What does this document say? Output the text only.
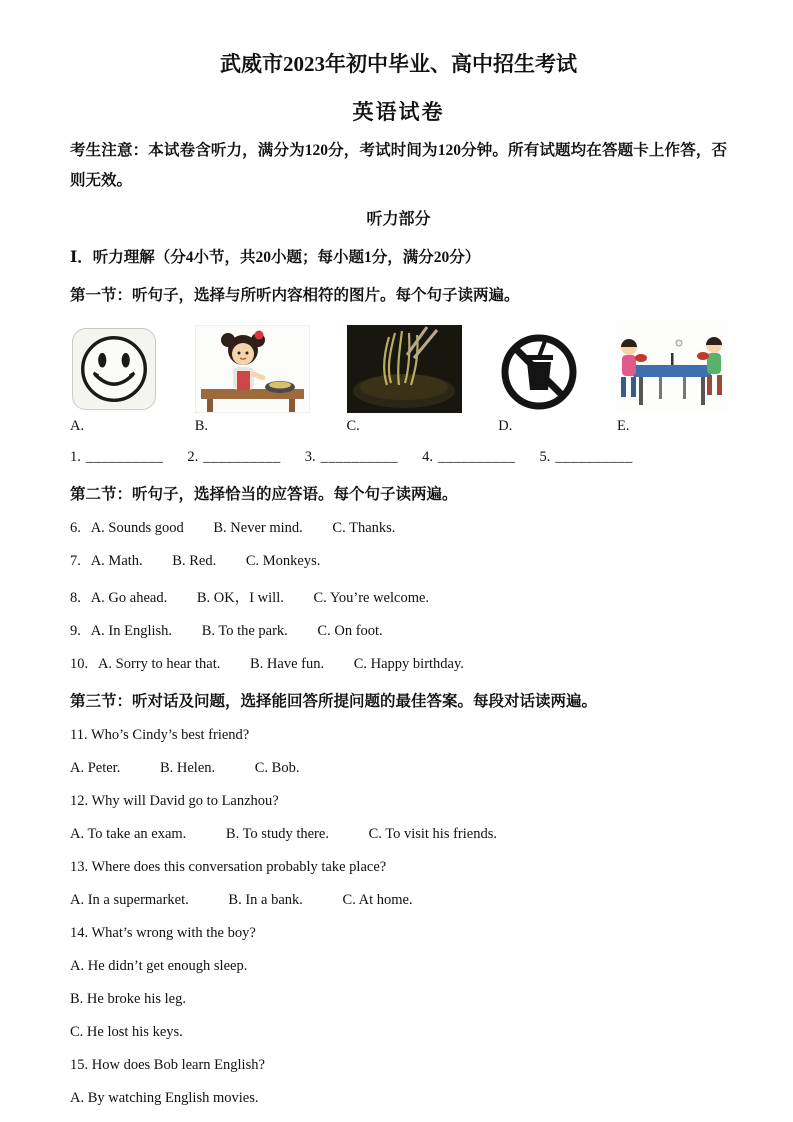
武威市2023年初中毕业、高中招生考试
英语试卷

考生注意：本试卷含听力，满分为120分，考试时间为120分钟。所有试题均在答题卡上作答，否则无效。

听力部分
Ⅰ．听力理解（分4小节，共20小题；每小题1分，满分20分）
第一节：听句子，选择与所听内容相符的图片。每个句子读两遍。
A.	B.	C.	D.	E.
1. __________ 2. __________ 3. __________ 4. __________ 5. __________
第二节：听句子，选择恰当的应答语。每个句子读两遍。
6. A. Sounds good B. Never mind. C. Thanks.
7. A. Math. B. Red. C. Monkeys.
8. A. Go ahead. B. OK，I will. C. You’re welcome.
9. A. In English. B. To the park. C. On foot.
10. A. Sorry to hear that. B. Have fun. C. Happy birthday.
第三节：听对话及问题，选择能回答所提问题的最佳答案。每段对话读两遍。
11. Who’s Cindy’s best friend?
A. Peter.	B. Helen.	C. Bob.
12. Why will David go to Lanzhou?
A. To take an exam.	B. To study there.	C. To visit his friends.
13. Where does this conversation probably take place?
A. In a supermarket.	B. In a bank.	C. At home.
14. What’s wrong with the boy?
A. He didn’t get enough sleep.
B. He broke his leg.
C. He lost his keys.
15. How does Bob learn English?
A. By watching English movies.
